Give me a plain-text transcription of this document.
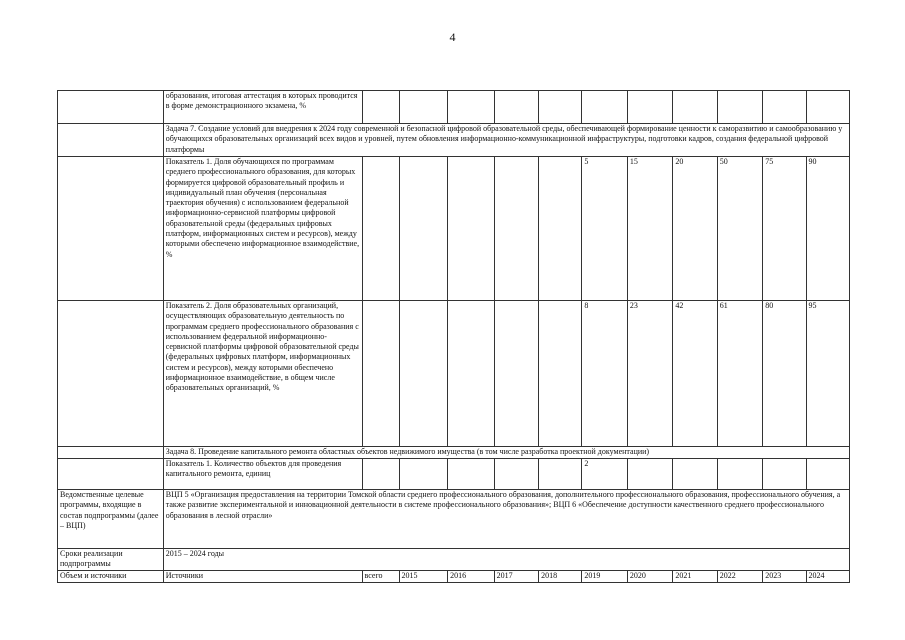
4
	образования, итоговая аттестация в которых проводится в форме демонстрационного экзамена, %											
	Задача 7. Создание условий для внедрения к 2024 году современной и безопасной цифровой образовательной среды, обеспечивающей формирование ценности к саморазвитию и самообразованию у обучающихся образовательных организаций всех видов и уровней, путем обновления информационно-коммуникационной инфраструктуры, подготовки кадров, создания федеральной цифровой платформы											
	Показатель 1. Доля обучающихся по программам среднего профессионального образования, для которых формируется цифровой образовательный профиль и индивидуальный план обучения (персональная траектория обучения) с использованием федеральной информационно-сервисной платформы цифровой образовательной среды (федеральных цифровых платформ, информационных систем и ресурсов), между которыми обеспечено информационное взаимодействие, %						5	15	20	50	75	90
	Показатель 2. Доля образовательных организаций, осуществляющих образовательную деятельность по программам среднего профессионального образования с использованием федеральной информационно-сервисной платформы цифровой образовательной среды (федеральных цифровых платформ, информационных систем и ресурсов), между которыми обеспечено информационное взаимодействие, в общем числе образовательных организаций, %						8	23	42	61	80	95
	Задача 8. Проведение капитального ремонта областных объектов недвижимого имущества (в том числе разработка проектной документации)											
	Показатель 1. Количество объектов для проведения капитального ремонта, единиц						2					
Ведомственные целевые программы, входящие в состав подпрограммы (далее – ВЦП)	ВЦП 5 «Организация предоставления на территории Томской области среднего профессионального образования, дополнительного профессионального образования, профессионального обучения, а также развитие экспериментальной и инновационной деятельности в системе профессионального образования»; ВЦП 6 «Обеспечение доступности качественного среднего профессионального образования в лесной отрасли»											
Сроки реализации подпрограммы	2015 – 2024 годы											
Объем и источники	Источники	всего	2015	2016	2017	2018	2019	2020	2021	2022	2023	2024
